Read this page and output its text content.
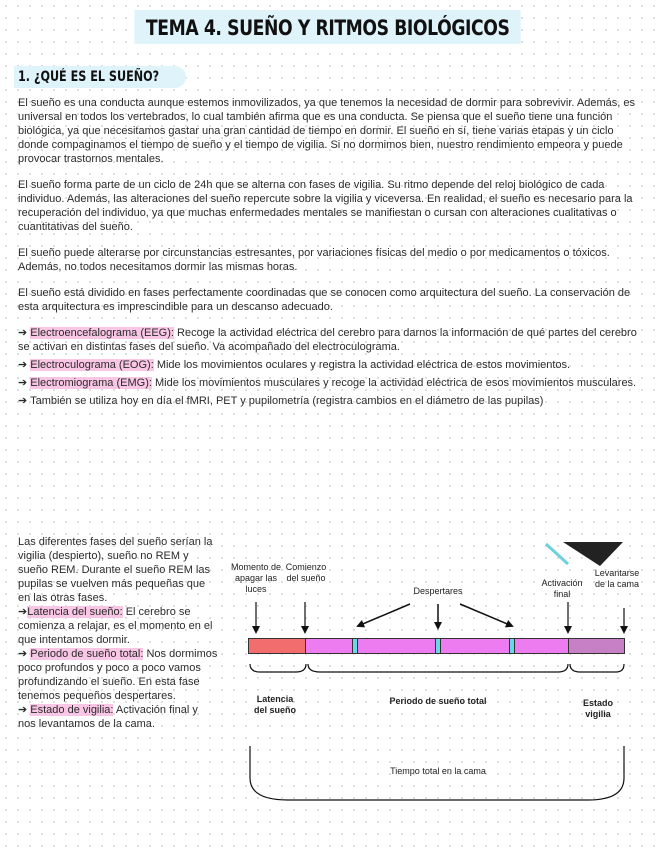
TEMA 4. SUEÑO Y RITMOS BIOLÓGICOS
1. ¿QUÉ ES EL SUEÑO?

El sueño es una conducta aunque estemos inmovilizados, ya que tenemos la necesidad de dormir para sobrevivir. Además, es universal en todos los vertebrados, lo cual también afirma que es una conducta. Se piensa que el sueño tiene una función biológica, ya que necesitamos gastar una gran cantidad de tiempo en dormir. El sueño en sí, tiene varias etapas y un ciclo donde compaginamos el tiempo de sueño y el tiempo de vigilia. Si no dormimos bien, nuestro rendimiento empeora y puede provocar trastornos mentales.

El sueño forma parte de un ciclo de 24h que se alterna con fases de vigilia. Su ritmo depende del reloj biológico de cada individuo. Además, las alteraciones del sueño repercute sobre la vigilia y viceversa. En realidad, el sueño es necesario para la recuperación del individuo, ya que muchas enfermedades mentales se manifiestan o cursan con alteraciones cualitativas o cuantitativas del sueño.

El sueño puede alterarse por circunstancias estresantes, por variaciones físicas del medio o por medicamentos o tóxicos. Además, no todos necesitamos dormir las mismas horas.

El sueño está dividido en fases perfectamente coordinadas que se conocen como arquitectura del sueño. La conservación de esta arquitectura es imprescindible para un descanso adecuado.

➔ Electroencefalograma (EEG): Recoge la actividad eléctrica del cerebro para darnos la información de qué partes del cerebro se activan en distintas fases del sueño. Va acompañado del electroculograma.

➔ Electroculograma (EOG): Mide los movimientos oculares y registra la actividad eléctrica de estos movimientos.

➔ Electromiograma (EMG): Mide los movimientos musculares y recoge la actividad eléctrica de esos movimientos musculares.

➔ También se utiliza hoy en día el fMRI, PET y pupilometría (registra cambios en el diámetro de las pupilas)

Las diferentes fases del sueño serían la vigilia (despierto), sueño no REM y sueño REM. Durante el sueño REM las pupilas se vuelven más pequeñas que en las otras fases.

➔Latencia del sueño: El cerebro se comienza a relajar, es el momento en el que intentamos dormir.

➔ Periodo de sueño total: Nos dormimos poco profundos y poco a poco vamos profundizando el sueño. En esta fase tenemos pequeños despertares.

➔ Estado de vigilia: Activación final y nos levantamos de la cama.

Momento de apagar las luces
Comienzo del sueño
Despertares
Activación final
Levantarse de la cama
Latencia del sueño
Periodo de sueño total	Estado vigilia
Tiempo total en la cama
